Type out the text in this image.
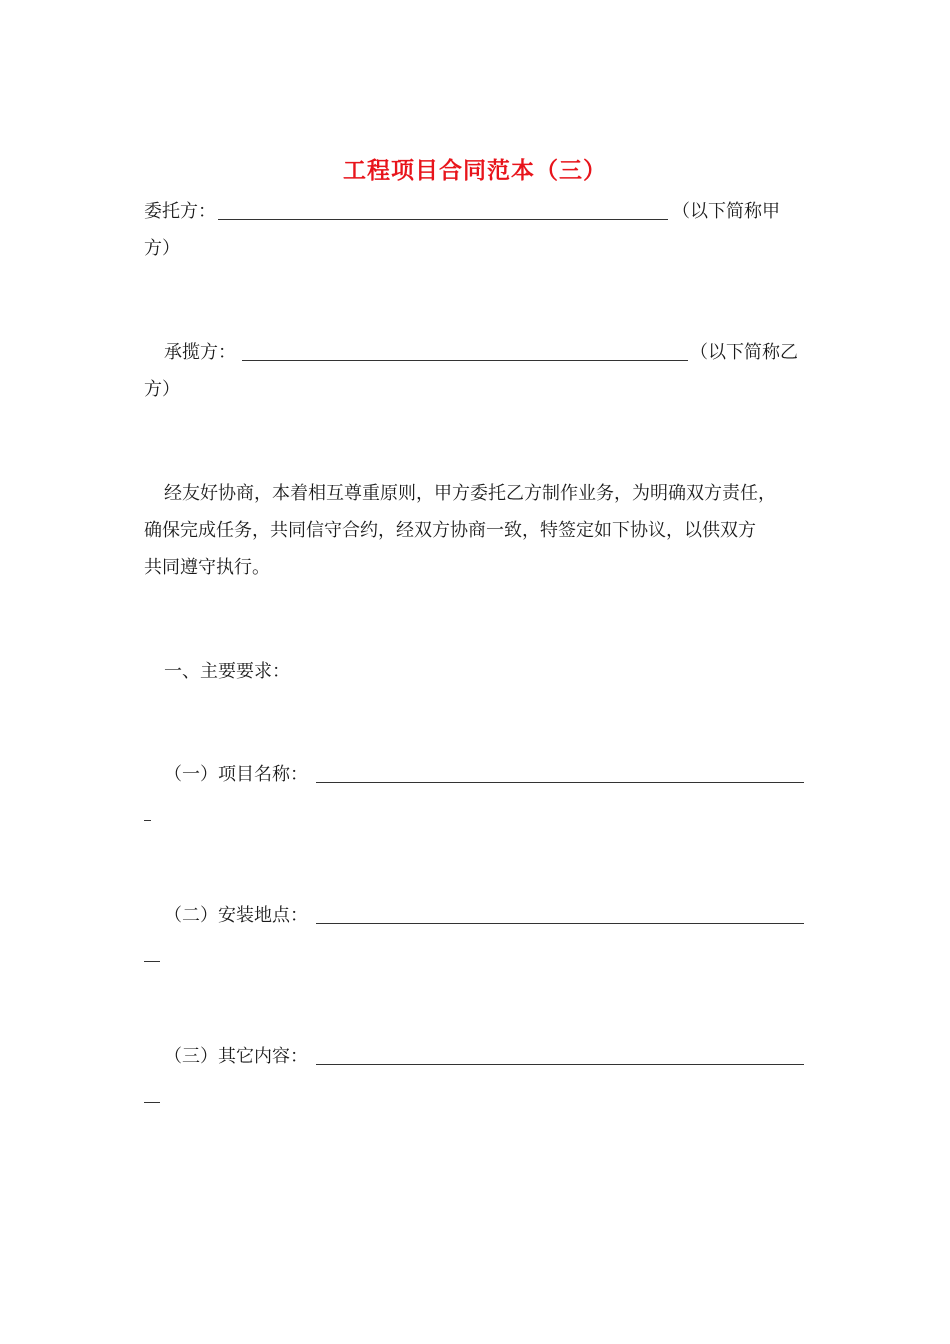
工程项目合同范本（三）
委托方：	（以下简称甲
方）
承揽方：	（以下简称乙
方）
经友好协商，本着相互尊重原则，甲方委托乙方制作业务，为明确双方责任，
确保完成任务，共同信守合约，经双方协商一致，特签定如下协议，以供双方
共同遵守执行。
一、主要要求：
（一）项目名称：
（二）安装地点：
（三）其它内容：
